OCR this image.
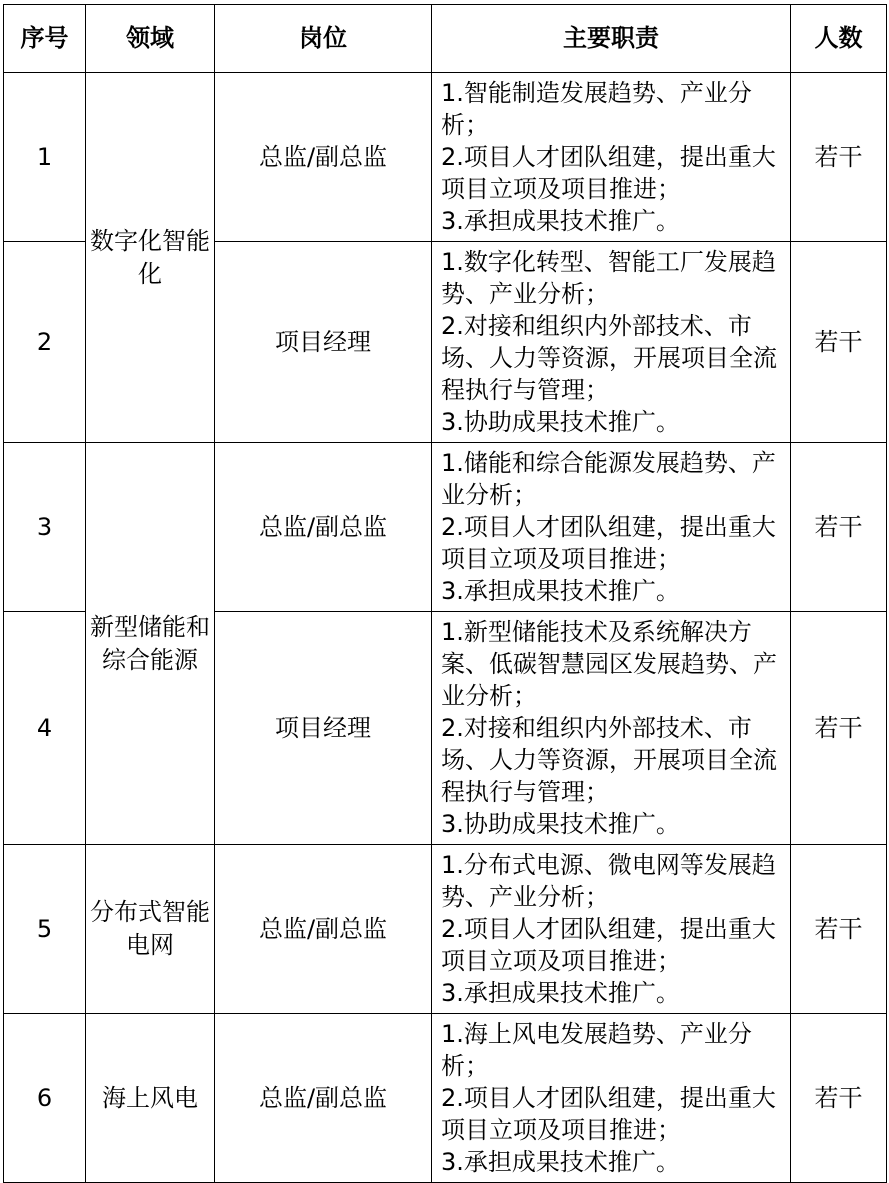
序号	领域	岗位	主要职责	人数
1	数字化智能化	总监/副总监	1.智能制造发展趋势、产业分析；
2.项目人才团队组建，提出重大项目立项及项目推进；
3.承担成果技术推广。	若干
2		项目经理	1.数字化转型、智能工厂发展趋势、产业分析；
2.对接和组织内外部技术、市场、人力等资源，开展项目全流程执行与管理；
3.协助成果技术推广。	若干
3	新型储能和综合能源	总监/副总监	1.储能和综合能源发展趋势、产业分析；
2.项目人才团队组建，提出重大项目立项及项目推进；
3.承担成果技术推广。	若干
4		项目经理	1.新型储能技术及系统解决方案、低碳智慧园区发展趋势、产业分析；
2.对接和组织内外部技术、市场、人力等资源，开展项目全流程执行与管理；
3.协助成果技术推广。	若干
5	分布式智能电网	总监/副总监	1.分布式电源、微电网等发展趋势、产业分析；
2.项目人才团队组建，提出重大项目立项及项目推进；
3.承担成果技术推广。	若干
6	海上风电	总监/副总监	1.海上风电发展趋势、产业分析；
2.项目人才团队组建，提出重大项目立项及项目推进；
3.承担成果技术推广。	若干
